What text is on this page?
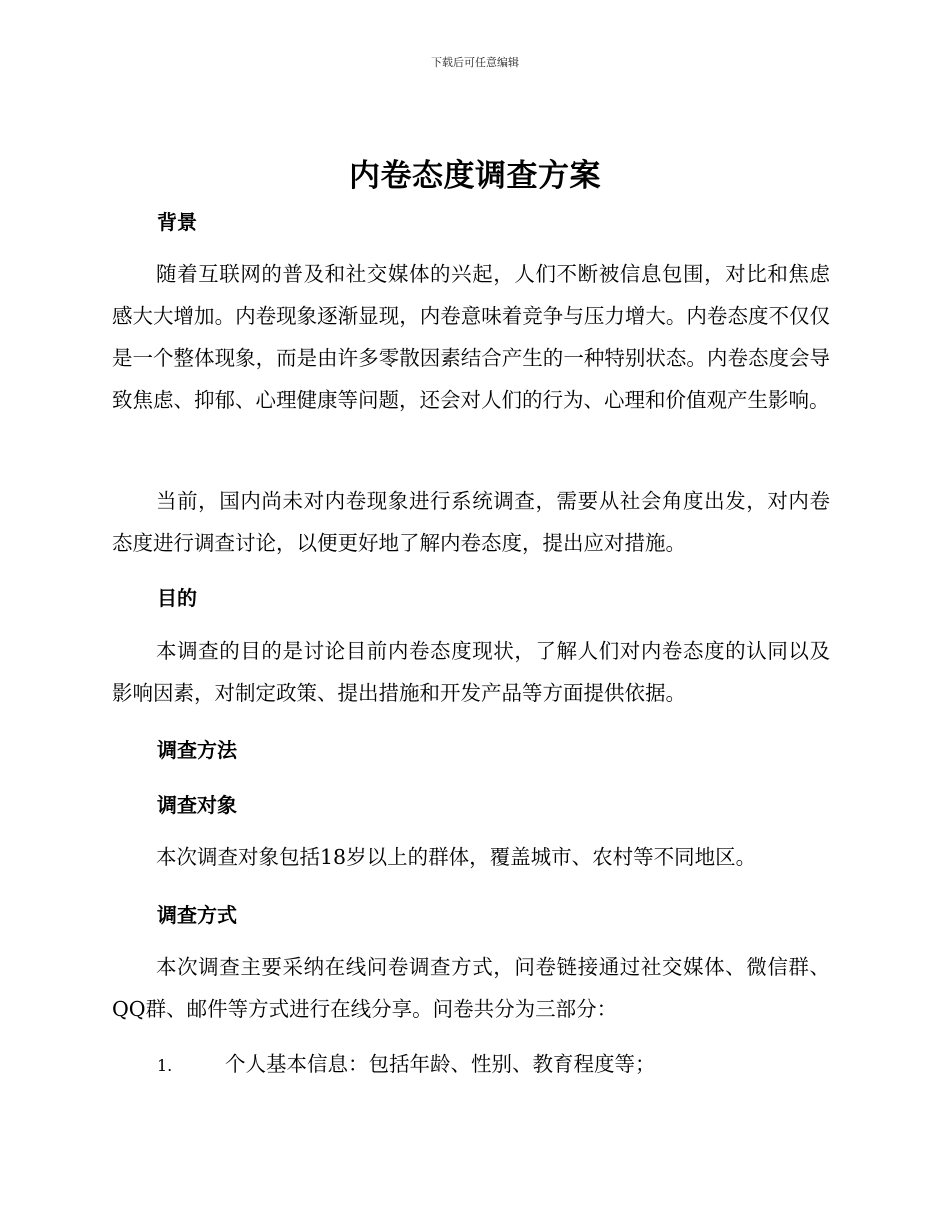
下载后可任意编辑
内卷态度调查方案
背景
随着互联网的普及和社交媒体的兴起，人们不断被信息包围，对比和焦虑感大大增加。内卷现象逐渐显现，内卷意味着竞争与压力增大。内卷态度不仅仅是一个整体现象，而是由许多零散因素结合产生的一种特别状态。内卷态度会导致焦虑、抑郁、心理健康等问题，还会对人们的行为、心理和价值观产生影响。
当前，国内尚未对内卷现象进行系统调查，需要从社会角度出发，对内卷态度进行调查讨论，以便更好地了解内卷态度，提出应对措施。
目的
本调查的目的是讨论目前内卷态度现状，了解人们对内卷态度的认同以及影响因素，对制定政策、提出措施和开发产品等方面提供依据。
调查方法
调查对象
本次调查对象包括18岁以上的群体，覆盖城市、农村等不同地区。
调查方式
本次调查主要采纳在线问卷调查方式，问卷链接通过社交媒体、微信群、QQ群、邮件等方式进行在线分享。问卷共分为三部分：
1.	个人基本信息：包括年龄、性别、教育程度等；
